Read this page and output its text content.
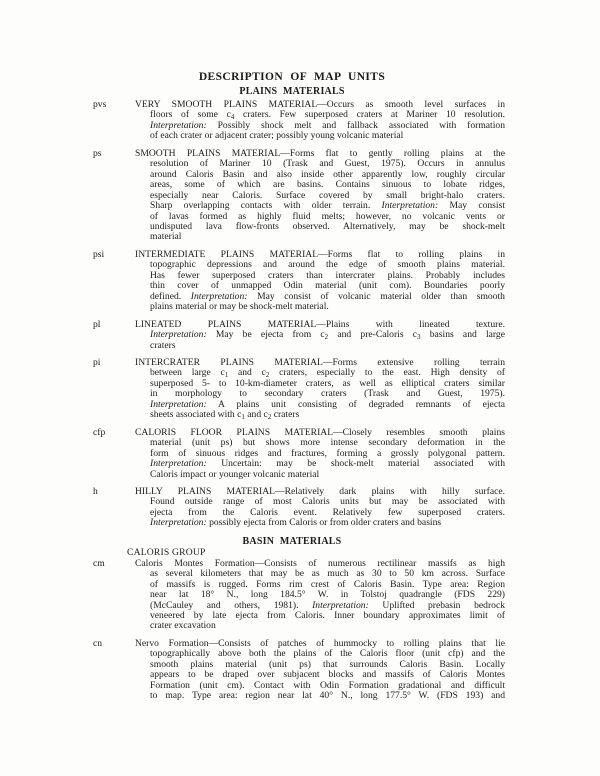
DESCRIPTION OF MAP UNITS
PLAINS MATERIALS
pvs	VERY SMOOTH PLAINS MATERIAL—Occurs as smooth level surfaces in
floors of some $c_4$ craters. Few superposed craters at Mariner 10 resolution.
Interpretation: Possibly shock melt and fallback associated with formation
of each crater or adjacent crater; possibly young volcanic material
ps	SMOOTH PLAINS MATERIAL—Forms flat to gently rolling plains at the
resolution of Mariner 10 (Trask and Guest, 1975). Occurs in annulus
around Caloris Basin and also inside other apparently low, roughly circular
areas, some of which are basins. Contains sinuous to lobate ridges,
especially near Caloris. Surface covered by small bright-halo craters.
Sharp overlapping contacts with older terrain. Interpretation: May consist
of lavas formed as highly fluid melts; however, no volcanic vents or
undisputed lava flow-fronts observed. Alternatively, may be shock-melt
material
psi	INTERMEDIATE PLAINS MATERIAL—Forms flat to rolling plains in
topographic depressions and around the edge of smooth plains material.
Has fewer superposed craters than intercrater plains. Probably includes
thin cover of unmapped Odin material (unit com). Boundaries poorly
defined. Interpretation: May consist of volcanic material older than smooth
plains material or may be shock-melt material.
pl	LINEATED PLAINS MATERIAL—Plains with lineated texture.
Interpretation: May be ejecta from $c_2$ and pre-Caloris $c_3$ basins and large
craters
pi	INTERCRATER PLAINS MATERIAL—Forms extensive rolling terrain
between large $c_1$ and $c_2$ craters, especially to the east. High density of
superposed 5- to 10-km-diameter craters, as well as elliptical craters similar
in morphology to secondary craters (Trask and Guest, 1975).
Interpretation: A plains unit consisting of degraded remnants of ejecta
sheets associated with $c_1$ and $c_2$ craters
cfp	CALORIS FLOOR PLAINS MATERIAL—Closely resembles smooth plains
material (unit ps) but shows more intense secondary deformation in the
form of sinuous ridges and fractures, forming a grossly polygonal pattern.
Interpretation: Uncertain: may be shock-melt material associated with
Caloris impact or younger volcanic material
h	HILLY PLAINS MATERIAL—Relatively dark plains with hilly surface.
Found outside range of most Caloris units but may be associated with
ejecta from the Caloris event. Relatively few superposed craters.
Interpretation: possibly ejecta from Caloris or from older craters and basins
BASIN MATERIALS
CALORIS GROUP
cm	Caloris Montes Formation—Consists of numerous rectilinear massifs as high
as several kilometers that may be as much as 30 to 50 km across. Surface
of massifs is rugged. Forms rim crest of Caloris Basin. Type area: Region
near lat 18° N., long 184.5° W. in Tolstoj quadrangle (FDS 229)
(McCauley and others, 1981). Interpretation: Uplifted prebasin bedrock
veneered by late ejecta from Caloris. Inner boundary approximates limit of
crater excavation
cn	Nervo Formation—Consists of patches of hummocky to rolling plains that lie
topographically above both the plains of the Caloris floor (unit cfp) and the
smooth plains material (unit ps) that surrounds Caloris Basin. Locally
appears to be draped over subjacent blocks and massifs of Caloris Montes
Formation (unit cm). Contact with Odin Formation gradational and difficult
to map. Type area: region near lat 40° N., long 177.5° W. (FDS 193) and
